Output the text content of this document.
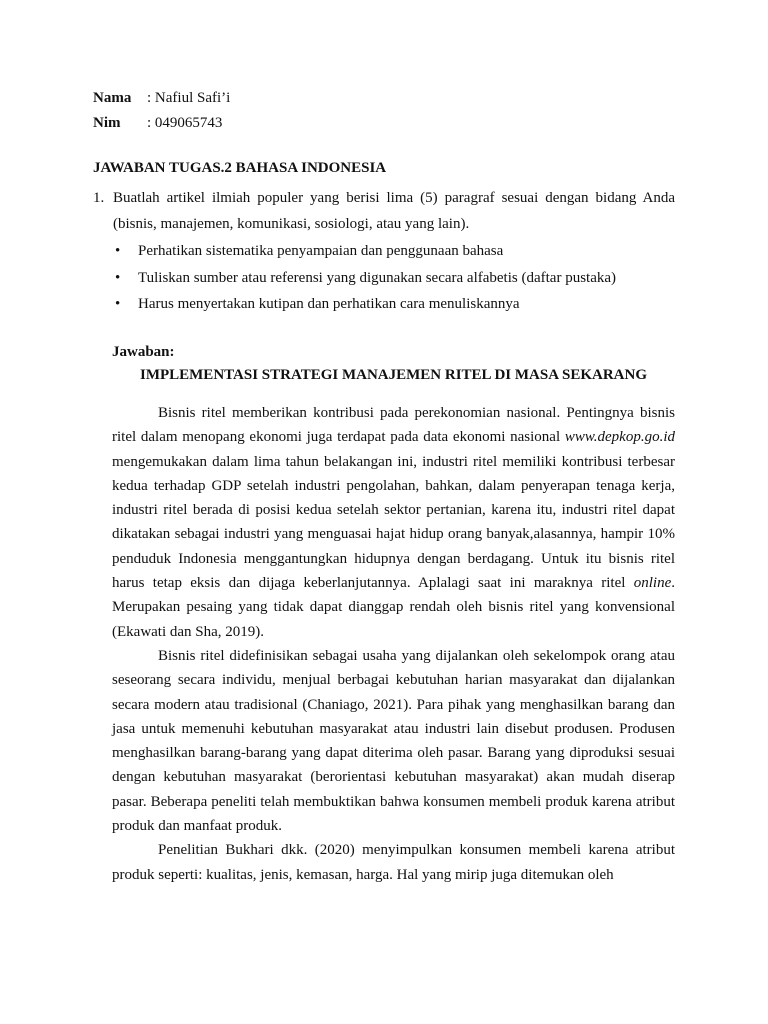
Nama	: Nafiul Safi’i
Nim	: 049065743
JAWABAN TUGAS.2 BAHASA INDONESIA
1. Buatlah artikel ilmiah populer yang berisi lima (5) paragraf sesuai dengan bidang Anda (bisnis, manajemen, komunikasi, sosiologi, atau yang lain).
•	Perhatikan sistematika penyampaian dan penggunaan bahasa
•	Tuliskan sumber atau referensi yang digunakan secara alfabetis (daftar pustaka)
•	Harus menyertakan kutipan dan perhatikan cara menuliskannya
Jawaban:
IMPLEMENTASI STRATEGI MANAJEMEN RITEL DI MASA SEKARANG

Bisnis ritel memberikan kontribusi pada perekonomian nasional. Pentingnya bisnis ritel dalam menopang ekonomi juga terdapat pada data ekonomi nasional www.depkop.go.id mengemukakan dalam lima tahun belakangan ini, industri ritel memiliki kontribusi terbesar kedua terhadap GDP setelah industri pengolahan, bahkan, dalam penyerapan tenaga kerja, industri ritel berada di posisi kedua setelah sektor pertanian, karena itu, industri ritel dapat dikatakan sebagai industri yang menguasai hajat hidup orang banyak,alasannya, hampir 10% penduduk Indonesia menggantungkan hidupnya dengan berdagang. Untuk itu bisnis ritel harus tetap eksis dan dijaga keberlanjutannya. Aplalagi saat ini maraknya ritel online. Merupakan pesaing yang tidak dapat dianggap rendah oleh bisnis ritel yang konvensional (Ekawati dan Sha, 2019).

Bisnis ritel didefinisikan sebagai usaha yang dijalankan oleh sekelompok orang atau seseorang secara individu, menjual berbagai kebutuhan harian masyarakat dan dijalankan secara modern atau tradisional (Chaniago, 2021). Para pihak yang menghasilkan barang dan jasa untuk memenuhi kebutuhan masyarakat atau industri lain disebut produsen. Produsen menghasilkan barang-barang yang dapat diterima oleh pasar. Barang yang diproduksi sesuai dengan kebutuhan masyarakat (berorientasi kebutuhan masyarakat) akan mudah diserap pasar. Beberapa peneliti telah membuktikan bahwa konsumen membeli produk karena atribut produk dan manfaat produk.

Penelitian Bukhari dkk. (2020) menyimpulkan konsumen membeli karena atribut produk seperti: kualitas, jenis, kemasan, harga. Hal yang mirip juga ditemukan oleh
